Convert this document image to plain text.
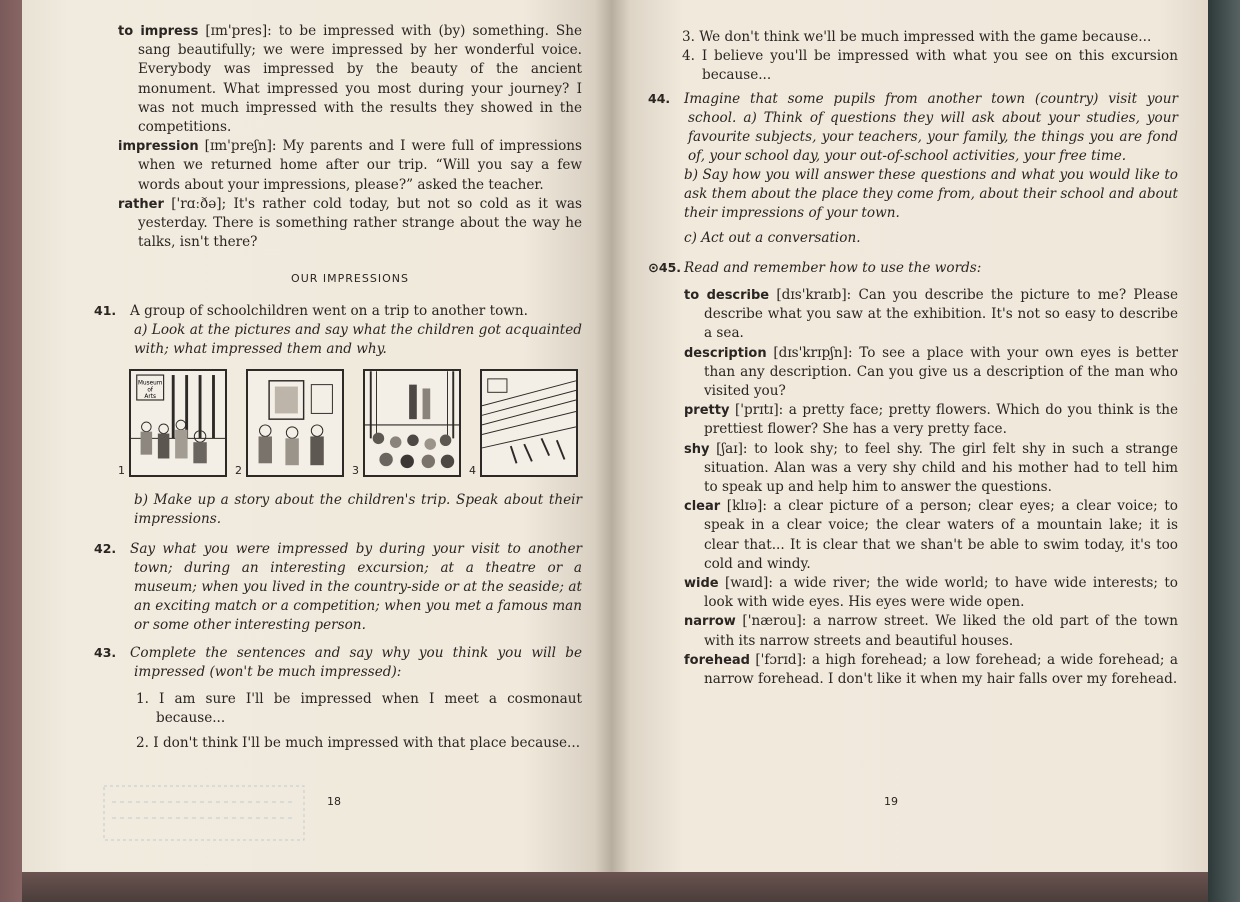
to impress [ɪm'pres]: to be impressed with (by) something. She sang beautifully; we were impressed by her wonderful voice. Everybody was impressed by the beauty of the ancient monument. What impressed you most during your journey? I was not much impressed with the results they showed in the competitions.
impression [ɪm'preʃn]: My parents and I were full of impressions when we returned home after our trip. “Will you say a few words about your impressions, please?” asked the teacher.
rather ['rɑːðə]; It's rather cold today, but not so cold as it was yesterday. There is something rather strange about the way he talks, isn't there?
OUR IMPRESSIONS
41. A group of schoolchildren went on a trip to another town.
a) Look at the pictures and say what the children got acquainted with; what impressed them and why.
1
Museum
of
Arts
2	3	4
b) Make up a story about the children's trip. Speak about their impressions.
42. Say what you were impressed by during your visit to another town; during an interesting excursion; at a theatre or a museum; when you lived in the country-side or at the seaside; at an exciting match or a competition; when you met a famous man or some other interesting person.
43. Complete the sentences and say why you think you will be impressed (won't be much impressed):
1. I am sure I'll be impressed when I meet a cosmonaut because...
2. I don't think I'll be much impressed with that place because...
18
3. We don't think we'll be much impressed with the game because...
4. I believe you'll be impressed with what you see on this excursion because...
44. Imagine that some pupils from another town (country) visit your school. a) Think of questions they will ask about your studies, your favourite subjects, your teachers, your family, the things you are fond of, your school day, your out-of-school activities, your free time.
b) Say how you will answer these questions and what you would like to ask them about the place they come from, about their school and about their impressions of your town.
c) Act out a conversation.
⊙45. Read and remember how to use the words:
to describe [dɪs'kraɪb]: Can you describe the picture to me? Please describe what you saw at the exhibition. It's not so easy to describe a sea.
description [dɪs'krɪpʃn]: To see a place with your own eyes is better than any description. Can you give us a description of the man who visited you?
pretty ['prɪtɪ]: a pretty face; pretty flowers. Which do you think is the prettiest flower? She has a very pretty face.
shy [ʃaɪ]: to look shy; to feel shy. The girl felt shy in such a strange situation. Alan was a very shy child and his mother had to tell him to speak up and help him to answer the questions.
clear [klɪə]: a clear picture of a person; clear eyes; a clear voice; to speak in a clear voice; the clear waters of a mountain lake; it is clear that... It is clear that we shan't be able to swim today, it's too cold and windy.
wide [waɪd]: a wide river; the wide world; to have wide interests; to look with wide eyes. His eyes were wide open.
narrow ['nærou]: a narrow street. We liked the old part of the town with its narrow streets and beautiful houses.
forehead ['fɔrɪd]: a high forehead; a low forehead; a wide forehead; a narrow forehead. I don't like it when my hair falls over my forehead.
19
